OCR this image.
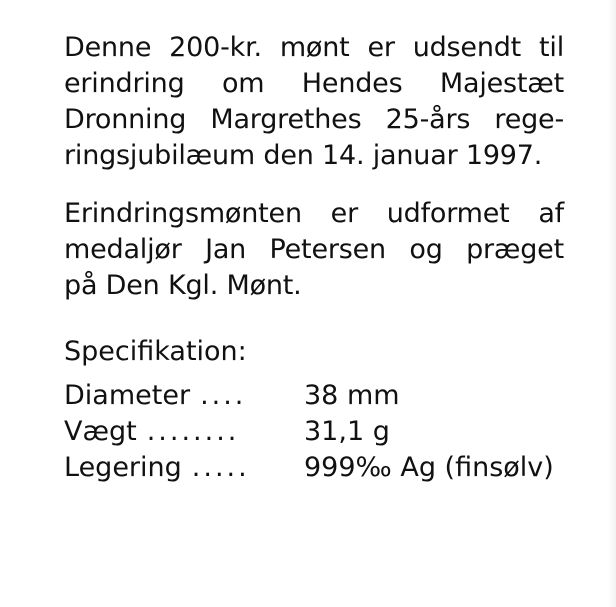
Denne 200-kr. mønt er udsendt til
erindring om Hendes Majestæt
Dronning Margrethes 25-års rege-
ringsjubilæum den 14. januar 1997.
Erindringsmønten er udformet af
medaljør Jan Petersen og præget
på Den Kgl. Mønt.
Specifikation:
Diameter .... 38 mm
Vægt ........ 31,1 g
Legering ..... 999‰ Ag (finsølv)
